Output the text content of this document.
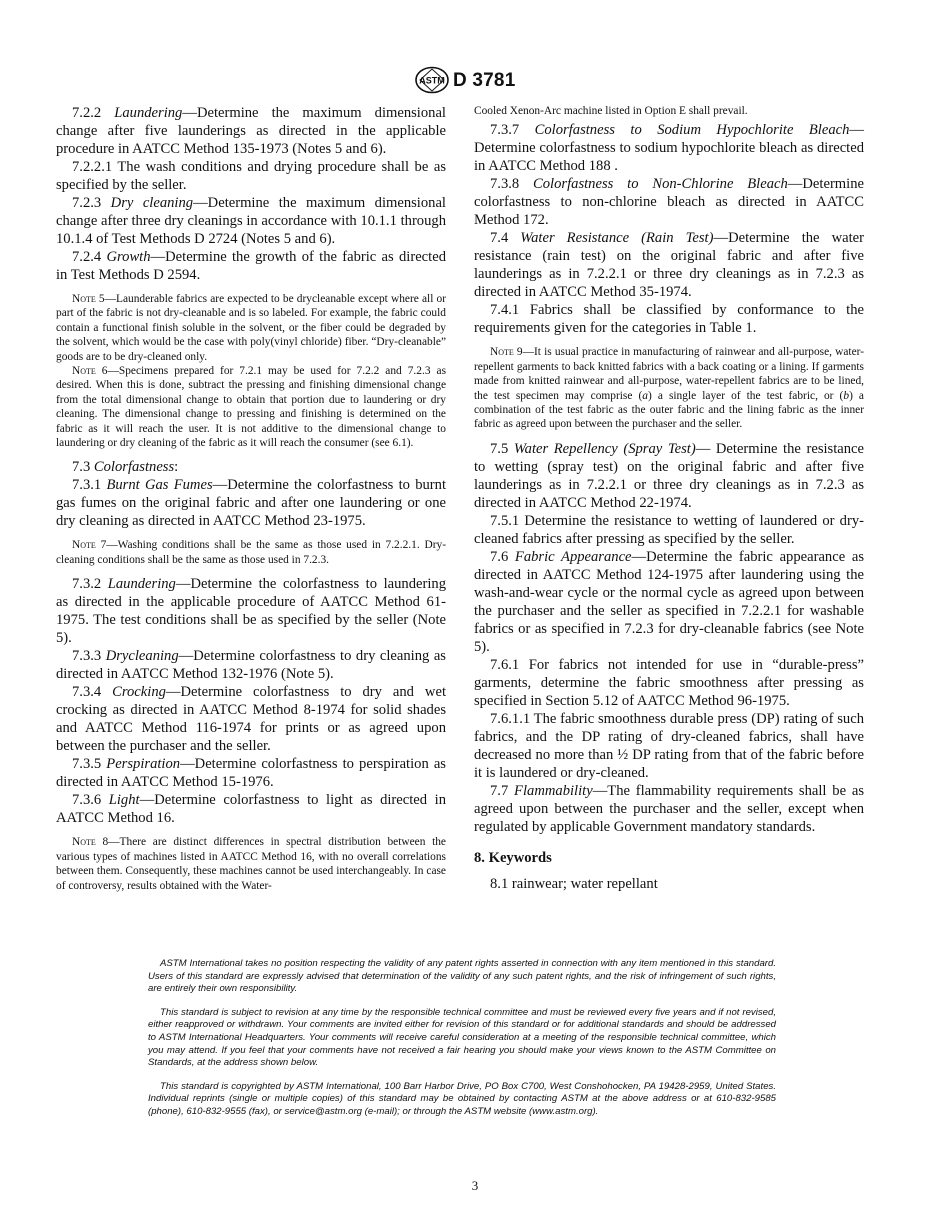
ASTM D 3781

7.2.2 Laundering—Determine the maximum dimensional change after five launderings as directed in the applicable procedure in AATCC Method 135-1973 (Notes 5 and 6).

7.2.2.1 The wash conditions and drying procedure shall be as specified by the seller.

7.2.3 Dry cleaning—Determine the maximum dimensional change after three dry cleanings in accordance with 10.1.1 through 10.1.4 of Test Methods D 2724 (Notes 5 and 6).

7.2.4 Growth—Determine the growth of the fabric as directed in Test Methods D 2594.

Note 5—Launderable fabrics are expected to be drycleanable except where all or part of the fabric is not dry-cleanable and is so labeled. For example, the fabric could contain a functional finish soluble in the solvent, or the fiber could be degraded by the solvent, which would be the case with poly(vinyl chloride) fiber. “Dry-cleanable” goods are to be dry-cleaned only.

Note 6—Specimens prepared for 7.2.1 may be used for 7.2.2 and 7.2.3 as desired. When this is done, subtract the pressing and finishing dimensional change from the total dimensional change to obtain that portion due to laundering or dry cleaning. The dimensional change to pressing and finishing is determined on the fabric as it will reach the user. It is not additive to the dimensional change to laundering or dry cleaning of the fabric as it will reach the consumer (see 6.1).

7.3 Colorfastness:

7.3.1 Burnt Gas Fumes—Determine the colorfastness to burnt gas fumes on the original fabric and after one laundering or one dry cleaning as directed in AATCC Method 23-1975.

Note 7—Washing conditions shall be the same as those used in 7.2.2.1. Dry-cleaning conditions shall be the same as those used in 7.2.3.

7.3.2 Laundering—Determine the colorfastness to laundering as directed in the applicable procedure of AATCC Method 61-1975. The test conditions shall be as specified by the seller (Note 5).

7.3.3 Drycleaning—Determine colorfastness to dry cleaning as directed in AATCC Method 132-1976 (Note 5).

7.3.4 Crocking—Determine colorfastness to dry and wet crocking as directed in AATCC Method 8-1974 for solid shades and AATCC Method 116-1974 for prints or as agreed upon between the purchaser and the seller.

7.3.5 Perspiration—Determine colorfastness to perspiration as directed in AATCC Method 15-1976.

7.3.6 Light—Determine colorfastness to light as directed in AATCC Method 16.

Note 8—There are distinct differences in spectral distribution between the various types of machines listed in AATCC Method 16, with no overall correlations between them. Consequently, these machines cannot be used interchangeably. In case of controversy, results obtained with the Water-

Cooled Xenon-Arc machine listed in Option E shall prevail.

7.3.7 Colorfastness to Sodium Hypochlorite Bleach—Determine colorfastness to sodium hypochlorite bleach as directed in AATCC Method 188 .

7.3.8 Colorfastness to Non-Chlorine Bleach—Determine colorfastness to non-chlorine bleach as directed in AATCC Method 172.

7.4 Water Resistance (Rain Test)—Determine the water resistance (rain test) on the original fabric and after five launderings as in 7.2.2.1 or three dry cleanings as in 7.2.3 as directed in AATCC Method 35-1974.

7.4.1 Fabrics shall be classified by conformance to the requirements given for the categories in Table 1.

Note 9—It is usual practice in manufacturing of rainwear and all-purpose, water-repellent garments to back knitted fabrics with a back coating or a lining. If garments made from knitted rainwear and all-purpose, water-repellent fabrics are to be lined, the test specimen may comprise (a) a single layer of the test fabric, or (b) a combination of the test fabric as the outer fabric and the lining fabric as the inner fabric as agreed upon between the purchaser and the seller.

7.5 Water Repellency (Spray Test)— Determine the resistance to wetting (spray test) on the original fabric and after five launderings as in 7.2.2.1 or three dry cleanings as in 7.2.3 as directed in AATCC Method 22-1974.

7.5.1 Determine the resistance to wetting of laundered or dry-cleaned fabrics after pressing as specified by the seller.

7.6 Fabric Appearance—Determine the fabric appearance as directed in AATCC Method 124-1975 after laundering using the wash-and-wear cycle or the normal cycle as agreed upon between the purchaser and the seller as specified in 7.2.2.1 for washable fabrics or as specified in 7.2.3 for dry-cleanable fabrics (see Note 5).

7.6.1 For fabrics not intended for use in “durable-press” garments, determine the fabric smoothness after pressing as specified in Section 5.12 of AATCC Method 96-1975.

7.6.1.1 The fabric smoothness durable press (DP) rating of such fabrics, and the DP rating of dry-cleaned fabrics, shall have decreased no more than ½ DP rating from that of the fabric before it is laundered or dry-cleaned.

7.7 Flammability—The flammability requirements shall be as agreed upon between the purchaser and the seller, except when regulated by applicable Government mandatory standards.

8. Keywords

8.1 rainwear; water repellant

ASTM International takes no position respecting the validity of any patent rights asserted in connection with any item mentioned in this standard. Users of this standard are expressly advised that determination of the validity of any such patent rights, and the risk of infringement of such rights, are entirely their own responsibility.

This standard is subject to revision at any time by the responsible technical committee and must be reviewed every five years and if not revised, either reapproved or withdrawn. Your comments are invited either for revision of this standard or for additional standards and should be addressed to ASTM International Headquarters. Your comments will receive careful consideration at a meeting of the responsible technical committee, which you may attend. If you feel that your comments have not received a fair hearing you should make your views known to the ASTM Committee on Standards, at the address shown below.

This standard is copyrighted by ASTM International, 100 Barr Harbor Drive, PO Box C700, West Conshohocken, PA 19428-2959, United States. Individual reprints (single or multiple copies) of this standard may be obtained by contacting ASTM at the above address or at 610-832-9585 (phone), 610-832-9555 (fax), or service@astm.org (e-mail); or through the ASTM website (www.astm.org).

3
